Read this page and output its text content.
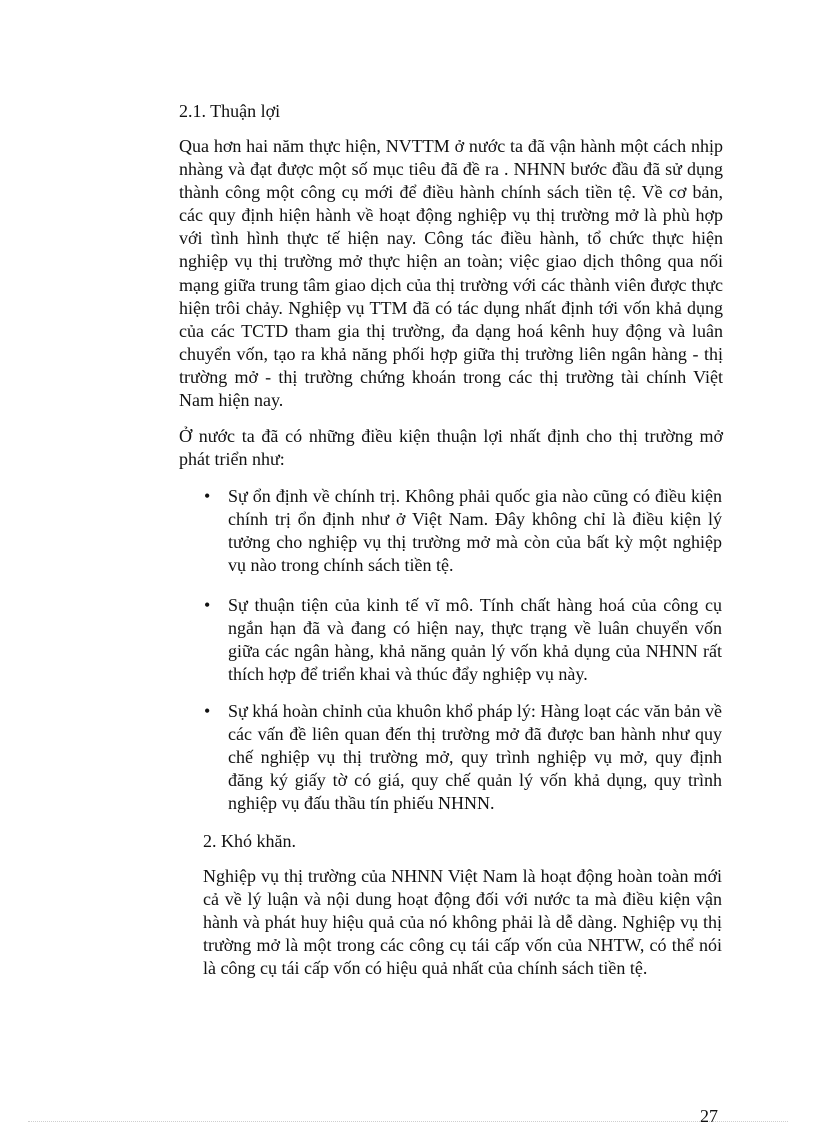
2.1. Thuận lợi

Qua hơn hai năm thực hiện, NVTTM ở nước ta đã vận hành một cách nhịp nhàng và đạt được một số mục tiêu đã đề ra . NHNN bước đầu đã sử dụng thành công một công cụ mới để điều hành chính sách tiền tệ. Về cơ bản, các quy định hiện hành về hoạt động nghiệp vụ thị trường mở là phù hợp với tình hình thực tế hiện nay. Công tác điều hành, tổ chức thực hiện nghiệp vụ thị trường mở thực hiện an toàn; việc giao dịch thông qua nối mạng giữa trung tâm giao dịch của thị trường với các thành viên được thực hiện trôi chảy. Nghiệp vụ TTM đã có tác dụng nhất định tới vốn khả dụng của các TCTD tham gia thị trường, đa dạng hoá kênh huy động và luân chuyển vốn, tạo ra khả năng phối hợp giữa thị trường liên ngân hàng - thị trường mở - thị trường chứng khoán trong các thị trường tài chính Việt Nam hiện nay.

Ở nước ta đã có những điều kiện thuận lợi nhất định cho thị trường mở phát triển như:

• Sự ổn định về chính trị. Không phải quốc gia nào cũng có điều kiện chính trị ổn định như ở Việt Nam. Đây không chỉ là điều kiện lý tưởng cho nghiệp vụ thị trường mở mà còn của bất kỳ một nghiệp vụ nào trong chính sách tiền tệ.

• Sự thuận tiện của kinh tế vĩ mô. Tính chất hàng hoá của công cụ ngắn hạn đã và đang có hiện nay, thực trạng về luân chuyển vốn giữa các ngân hàng, khả năng quản lý vốn khả dụng của NHNN rất thích hợp để triển khai và thúc đẩy nghiệp vụ này.

• Sự khá hoàn chỉnh của khuôn khổ pháp lý: Hàng loạt các văn bản về các vấn đề liên quan đến thị trường mở đã được ban hành như quy chế nghiệp vụ thị trường mở, quy trình nghiệp vụ mở, quy định đăng ký giấy tờ có giá, quy chế quản lý vốn khả dụng, quy trình nghiệp vụ đấu thầu tín phiếu NHNN.

2. Khó khăn.

Nghiệp vụ thị trường của NHNN Việt Nam là hoạt động hoàn toàn mới cả về lý luận và nội dung hoạt động đối với nước ta mà điều kiện vận hành và phát huy hiệu quả của nó không phải là dễ dàng. Nghiệp vụ thị trường mở là một trong các công cụ tái cấp vốn của NHTW, có thể nói là công cụ tái cấp vốn có hiệu quả nhất của chính sách tiền tệ.

27
